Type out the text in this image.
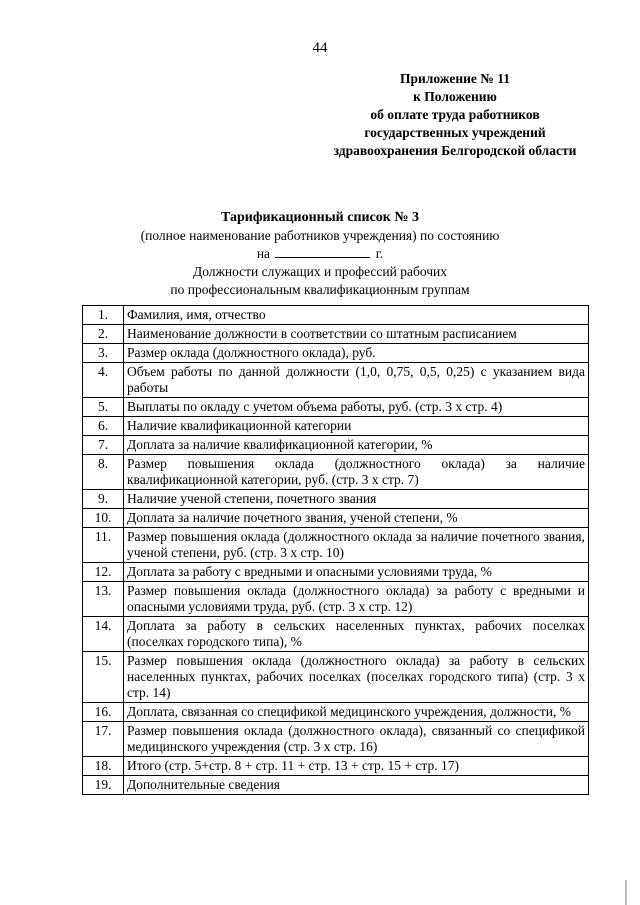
44
Приложение № 11
к Положению
об оплате труда работников
государственных учреждений
здравоохранения Белгородской области
Тарификационный список № 3
(полное наименование работников учреждения) по состоянию
на	г.
Должности служащих и профессий рабочих
по профессиональным квалификационным группам
1.	Фамилия, имя, отчество
2.	Наименование должности в соответствии со штатным расписанием
3.	Размер оклада (должностного оклада), руб.
4.	Объем работы по данной должности (1,0, 0,75, 0,5, 0,25) с указанием вида работы
5.	Выплаты по окладу с учетом объема работы, руб. (стр. 3 х стр. 4)
6.	Наличие квалификационной категории
7.	Доплата за наличие квалификационной категории, %
8.	Размер повышения оклада (должностного оклада) за наличие квалификационной категории, руб. (стр. 3 х стр. 7)
9.	Наличие ученой степени, почетного звания
10.	Доплата за наличие почетного звания, ученой степени, %
11.	Размер повышения оклада (должностного оклада за наличие почетного звания, ученой степени, руб. (стр. 3 х стр. 10)
12.	Доплата за работу с вредными и опасными условиями труда, %
13.	Размер повышения оклада (должностного оклада) за работу с вредными и опасными условиями труда, руб. (стр. 3 х стр. 12)
14.	Доплата за работу в сельских населенных пунктах, рабочих поселках (поселках городского типа), %
15.	Размер повышения оклада (должностного оклада) за работу в сельских населенных пунктах, рабочих поселках (поселках городского типа) (стр. 3 х стр. 14)
16.	Доплата, связанная со спецификой медицинского учреждения, должности, %
17.	Размер повышения оклада (должностного оклада), связанный со спецификой медицинского учреждения (стр. 3 х стр. 16)
18.	Итого (стр. 5+стр. 8 + стр. 11 + стр. 13 + стр. 15 + стр. 17)
19.	Дополнительные сведения
